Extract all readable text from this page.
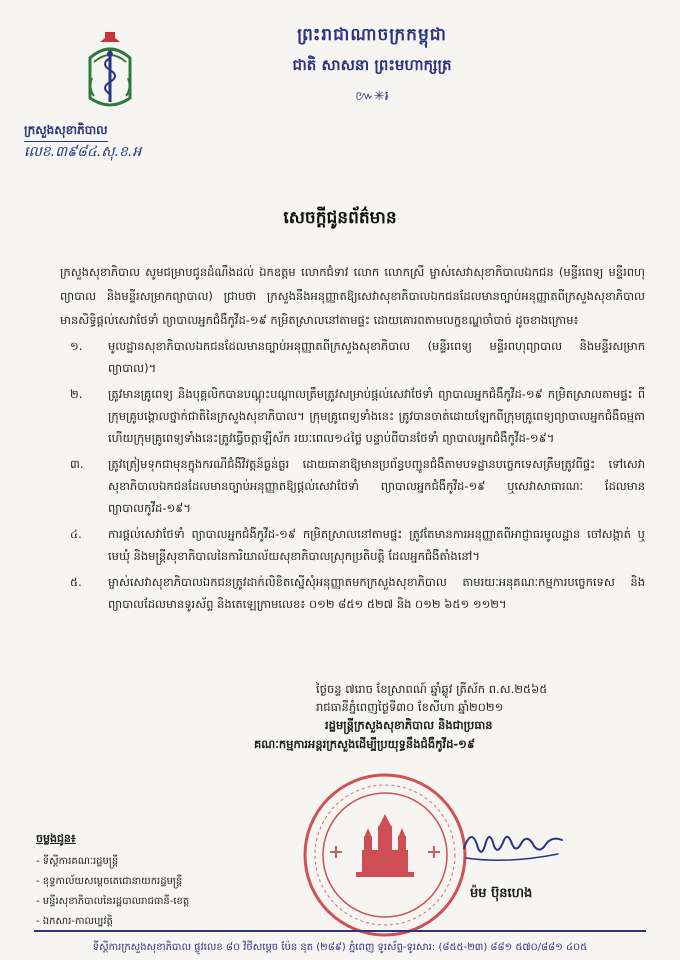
ក្រសួងសុខាភិបាល
លេខ.៣៩៨៤.សុ.ខ.អ
ព្រះរាជាណាចក្រកម្ពុជា
ជាតិ សាសនា ព្រះមហាក្សត្រ
៚✳៛
សេចក្តីជូនព័ត៌មាន
ក្រសួងសុខាភិបាល សូមជម្រាបជូនដំណឹងដល់ ឯកឧត្តម លោកជំទាវ លោក លោកស្រី ម្ចាស់សេវាសុខាភិបាលឯកជន (មន្ទីរពេទ្យ មន្ទីរពហុព្យាបាល និងមន្ទីរសម្រាកព្យាបាល) ជ្រាបថា ក្រសួងនឹងអនុញ្ញាតឱ្យសេវាសុខាភិបាលឯកជនដែលមានច្បាប់អនុញ្ញាតពីក្រសួងសុខាភិបាល មានសិទ្ធិផ្តល់សេវាថែទាំ ព្យាបាលអ្នកជំងឺកូវីដ-១៩ កម្រិតស្រាលនៅតាមផ្ទះ ដោយគោរពតាមលក្ខខណ្ឌចាំបាច់ ដូចខាងក្រោម៖
១. មូលដ្ឋានសុខាភិបាលឯកជនដែលមានច្បាប់អនុញ្ញាតពីក្រសួងសុខាភិបាល (មន្ទីរពេទ្យ មន្ទីរពហុព្យាបាល និងមន្ទីរសម្រាកព្យាបាល)។
២. ត្រូវមានគ្រូពេទ្យ និងបុគ្គលិកបានបណ្តុះបណ្តាលត្រឹមត្រូវសម្រាប់ផ្តល់សេវាថែទាំ ព្យាបាលអ្នកជំងឺកូវីដ-១៩ កម្រិតស្រាលតាមផ្ទះ ពីក្រុមគ្រូបង្គោលថ្នាក់ជាតិនៃក្រសួងសុខាភិបាល។ ក្រុមគ្រូពេទ្យទាំងនេះ ត្រូវបានចាត់ដោយឡែកពីក្រុមគ្រូពេទ្យព្យាបាលអ្នកជំងឺធម្មតា ហើយក្រុមគ្រូពេទ្យទាំងនេះត្រូវធ្វើចត្តាឡីស័ក រយៈពេល១៤ថ្ងៃ បន្ទាប់ពីបានថែទាំ ព្យាបាលអ្នកជំងឺកូវីដ-១៩។
៣. ត្រូវត្រៀមទុកជាមុនក្នុងករណីជំងឺវិវត្តន៍ធ្ងន់ធ្ងរ ដោយធានាឱ្យមានប្រព័ន្ធបញ្ជូនជំងឺតាមបទដ្ឋានបច្ចេកទេសត្រឹមត្រូវពីផ្ទះ ទៅសេវាសុខាភិបាលឯកជនដែលមានច្បាប់អនុញ្ញាតឱ្យផ្តល់សេវាថែទាំ ព្យាបាលអ្នកជំងឺកូវីដ-១៩ ឬសេវាសាធារណៈ ដែលមានព្យាបាលកូវីដ-១៩។
៤. ការផ្តល់សេវាថែទាំ ព្យាបាលអ្នកជំងឺកូវីដ-១៩ កម្រិតស្រាលនៅតាមផ្ទះ ត្រូវតែមានការអនុញ្ញាតពីអាជ្ញាធរមូលដ្ឋាន ចៅសង្កាត់ ឬមេឃុំ និងមន្ត្រីសុខាភិបាលនៃការិយាល័យសុខាភិបាលស្រុកប្រតិបត្តិ ដែលអ្នកជំងឺតាំងនៅ។
៥. ម្ចាស់សេវាសុខាភិបាលឯកជនត្រូវដាក់លិខិតស្នើសុំអនុញ្ញាតមកក្រសួងសុខាភិបាល តាមរយៈអនុគណៈកម្មការបច្ចេកទេស និងព្យាបាលដែលមានទូរស័ព្ទ និងតេឡេក្រាមលេខ៖ ០១២ ៨៥១ ៥២៧ និង ០១២ ៦៥១ ១១២។
ថ្ងៃចន្ទ ៧រោច ខែស្រាពណ៍ ឆ្នាំឆ្លូវ ត្រីស័ក ព.ស.២៥៦៥
រាជធានីភ្នំពេញថ្ងៃទី៣០ ខែសីហា ឆ្នាំ២០២១
រដ្ឋមន្ត្រីក្រសួងសុខាភិបាល និងជាប្រធាន
គណៈកម្មការអន្តរក្រសួងដើម្បីប្រយុទ្ធនឹងជំងឺកូវីដ-១៩
ម៉ម ប៊ុនហេង
ចម្លងជូន៖
- ទីស្តីការគណៈរដ្ឋមន្ត្រី
- ខុទ្ទកាល័យសម្តេចតេជោនាយករដ្ឋមន្ត្រី
- មន្ទីរសុខាភិបាលនៃរដ្ឋបាលរាជធានី-ខេត្ត
- ឯកសារ-កាលប្បវត្តិ
ទីស្តីការក្រសួងសុខាភិបាល ផ្លូវលេខ ៨០ វិថីសម្តេច ប៉ែន នុត (២៨៩) ភ្នំពេញ ទូរស័ព្ទ-ទូរសារ: (៨៥៥-២៣) ៨៨១ ៥៧០/៨៨១ ៤០៥
